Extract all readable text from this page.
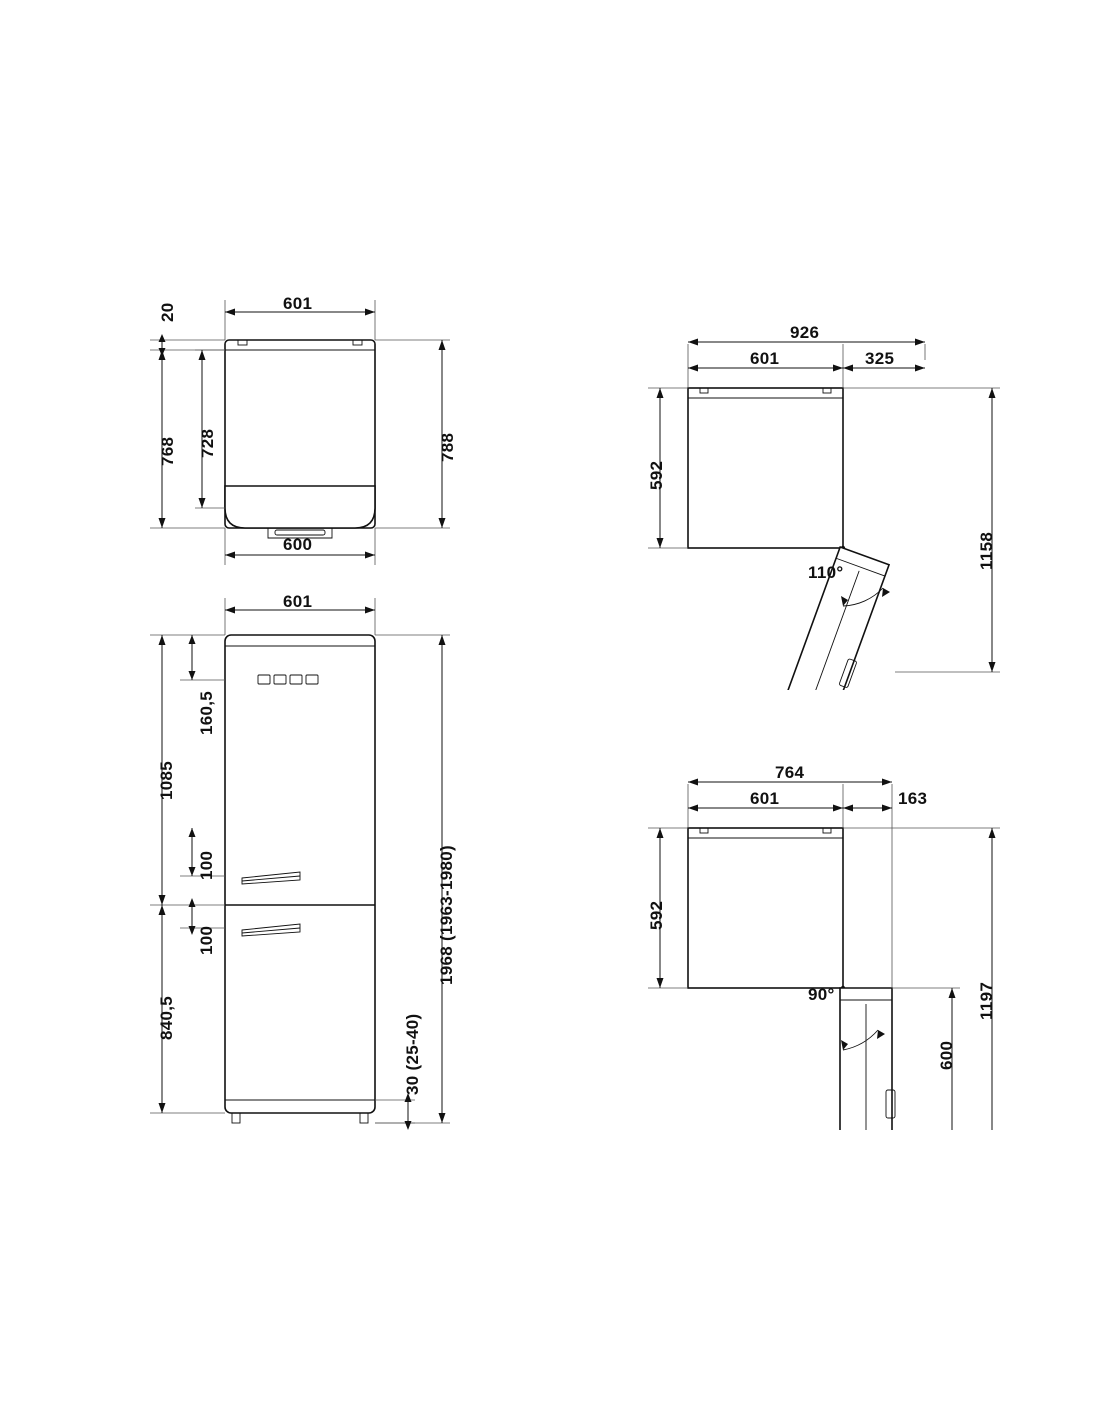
601
600
20
768 728	788
601
1085
840,5
160,5
100
100	1968 (1963-1980)
30 (25-40)
926
601	325
592
1158
110°
764
601	163
592
600
1197
90°
